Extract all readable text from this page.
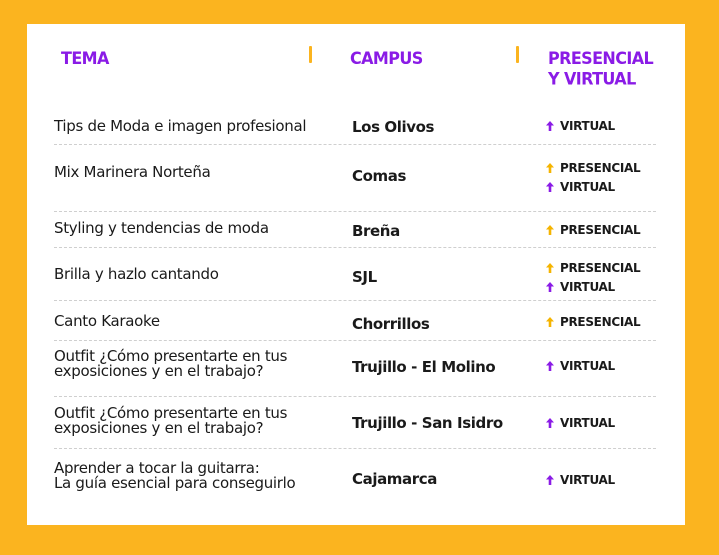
TEMA	CAMPUS	PRESENCIAL
Y VIRTUAL
Tips de Moda e imagen profesional	Los Olivos	VIRTUAL
Mix Marinera Norteña	Comas	PRESENCIAL
VIRTUAL
Styling y tendencias de moda	Breña	PRESENCIAL
Brilla y hazlo cantando	SJL
PRESENCIAL
VIRTUAL
Canto Karaoke	Chorrillos	PRESENCIAL
Outfit ¿Cómo presentarte en tus
exposiciones y en el trabajo?	Trujillo - El Molino	VIRTUAL
Outfit ¿Cómo presentarte en tus
exposiciones y en el trabajo?	Trujillo - San Isidro	VIRTUAL
Aprender a tocar la guitarra:
La guía esencial para conseguirlo	Cajamarca	VIRTUAL
